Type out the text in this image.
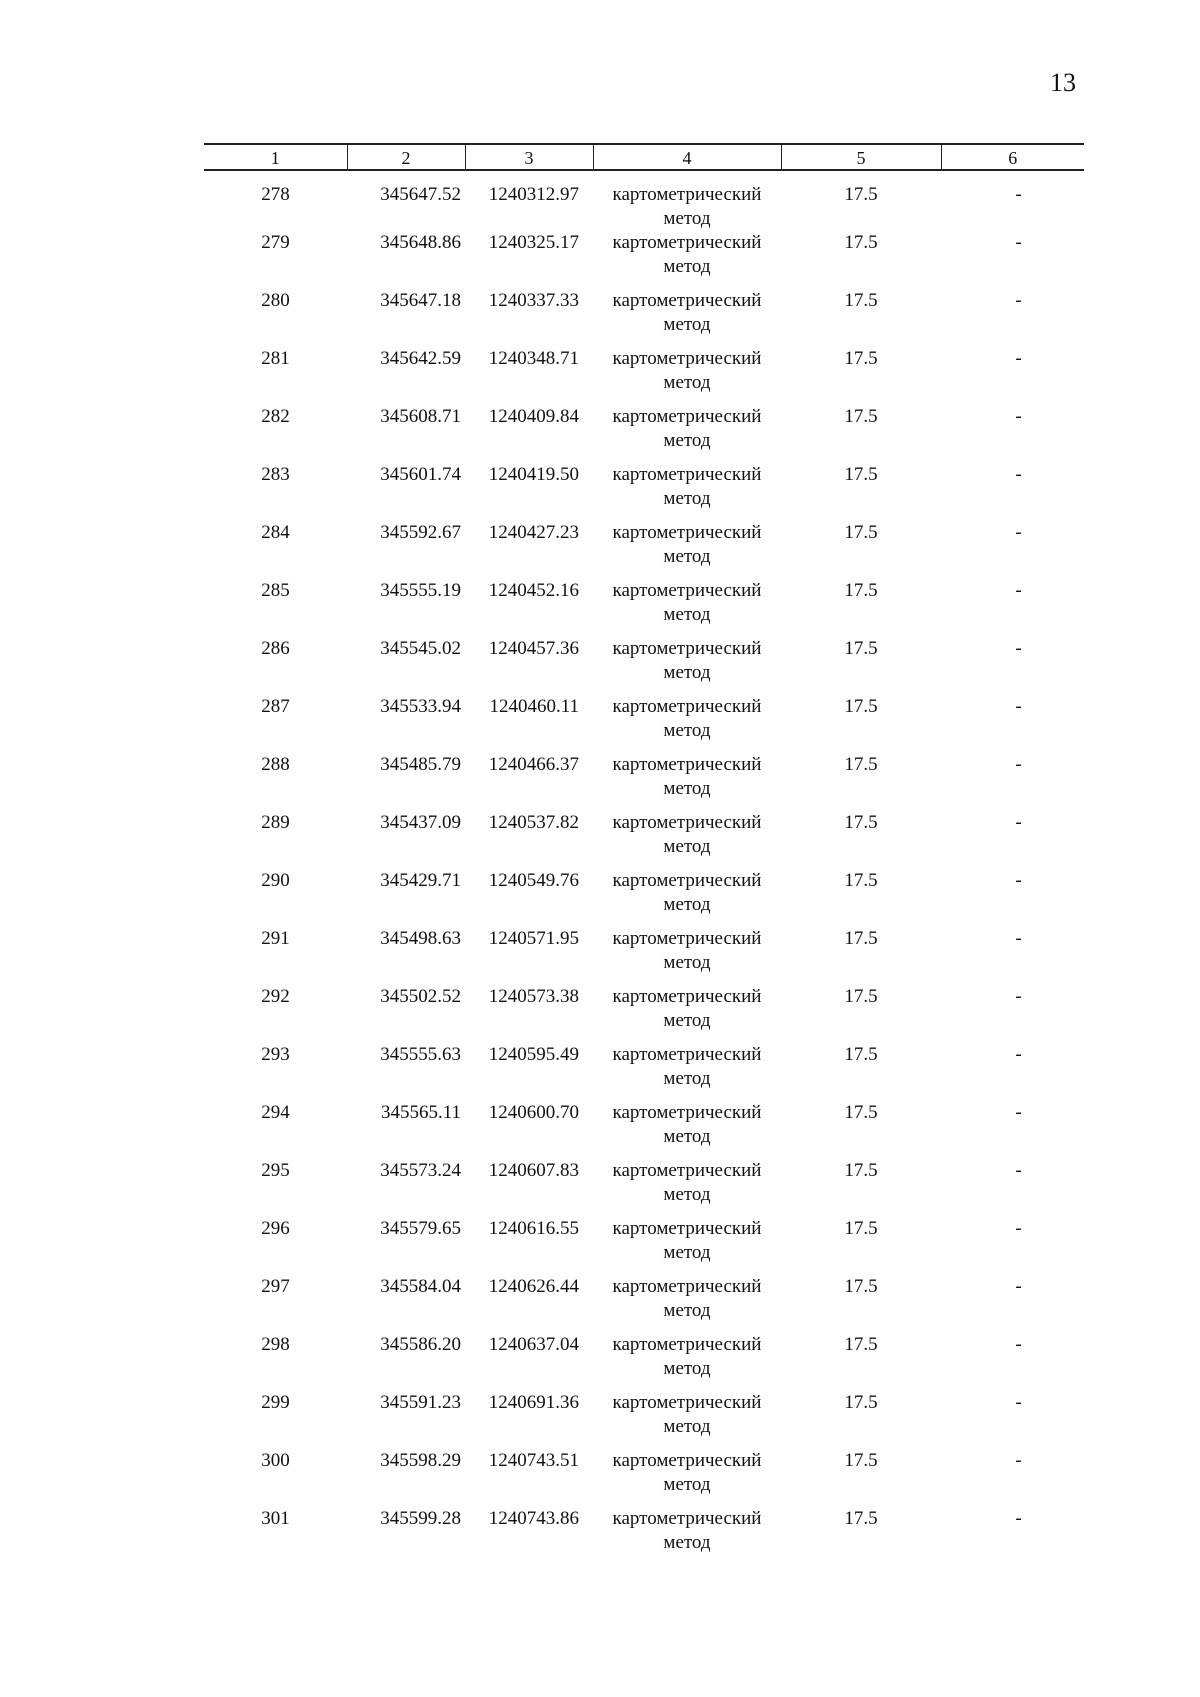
13
1	2	3	4	5	6
278	345647.52	1240312.97	картометрический метод	17.5	-
279	345648.86	1240325.17	картометрический метод	17.5	-
280	345647.18	1240337.33	картометрический метод	17.5	-
281	345642.59	1240348.71	картометрический метод	17.5	-
282	345608.71	1240409.84	картометрический метод	17.5	-
283	345601.74	1240419.50	картометрический метод	17.5	-
284	345592.67	1240427.23	картометрический метод	17.5	-
285	345555.19	1240452.16	картометрический метод	17.5	-
286	345545.02	1240457.36	картометрический метод	17.5	-
287	345533.94	1240460.11	картометрический метод	17.5	-
288	345485.79	1240466.37	картометрический метод	17.5	-
289	345437.09	1240537.82	картометрический метод	17.5	-
290	345429.71	1240549.76	картометрический метод	17.5	-
291	345498.63	1240571.95	картометрический метод	17.5	-
292	345502.52	1240573.38	картометрический метод	17.5	-
293	345555.63	1240595.49	картометрический метод	17.5	-
294	345565.11	1240600.70	картометрический метод	17.5	-
295	345573.24	1240607.83	картометрический метод	17.5	-
296	345579.65	1240616.55	картометрический метод	17.5	-
297	345584.04	1240626.44	картометрический метод	17.5	-
298	345586.20	1240637.04	картометрический метод	17.5	-
299	345591.23	1240691.36	картометрический метод	17.5	-
300	345598.29	1240743.51	картометрический метод	17.5	-
301	345599.28	1240743.86	картометрический метод	17.5	-
